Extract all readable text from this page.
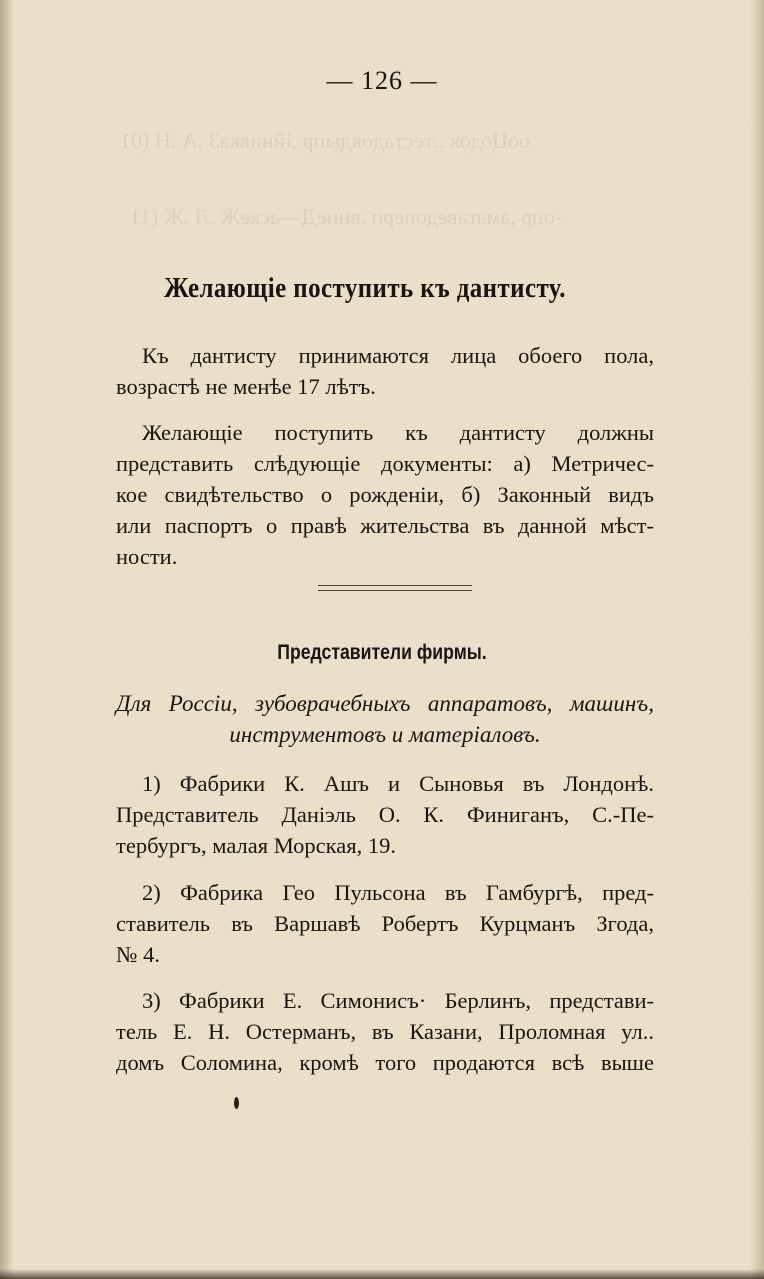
ооЦодоя ..тестадокдыпр ,ійнивкаЗ .А .Н (01
-оцр ,аматаведоперп .вниеД—аскеЖ .Л .Ж (11
— 126 —
Желающіе поступить къ дантисту.
Къ дантисту принимаются лица обоего пола,
возрастѣ не менѣе 17 лѣтъ.
Желающіе поступить къ дантисту должны
представить слѣдующіе документы: а) Метричес-
кое свидѣтельство о рожденіи, б) Законный видъ
или паспортъ о правѣ жительства въ данной мѣст-
ности.
Представители фирмы.
Для Россіи, зубоврачебныхъ аппаратовъ, машинъ,
инструментовъ и матеріаловъ.
1) Фабрики К. Ашъ и Сыновья въ Лондонѣ.
Представитель Даніэль О. К. Финиганъ, С.-Пе-
тербургъ, малая Морская, 19.
2) Фабрика Гео Пульсона въ Гамбургѣ, пред-
ставитель въ Варшавѣ Робертъ Курцманъ Згода,
№ 4.
3) Фабрики Е. Симонисъ· Берлинъ, представи-
тель Е. Н. Остерманъ, въ Казани, Проломная ул..
домъ Соломина, кромѣ того продаются всѣ выше
